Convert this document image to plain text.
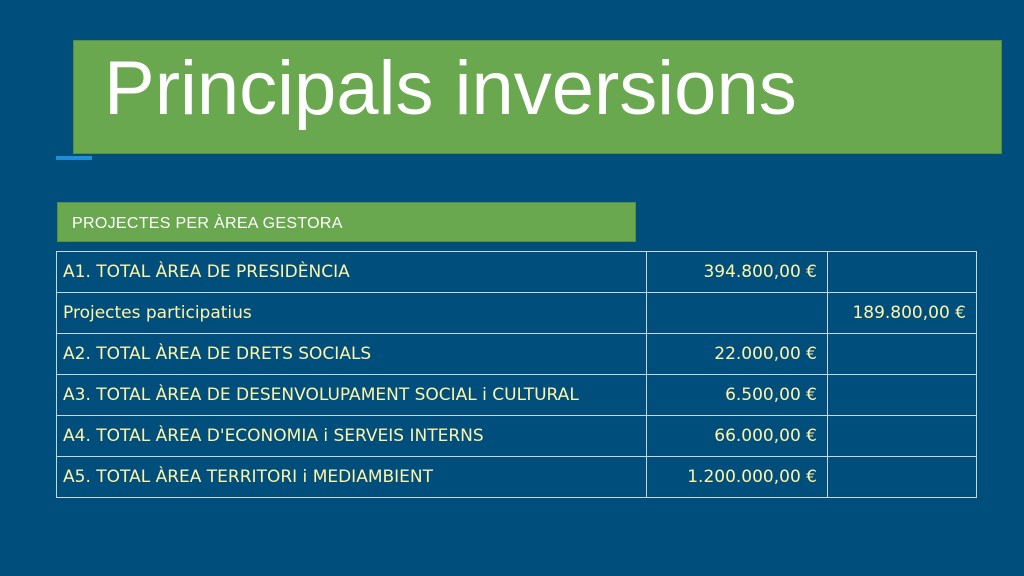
Principals inversions
PROJECTES PER ÀREA GESTORA
A1. TOTAL ÀREA DE PRESIDÈNCIA	394.800,00 €	
Projectes participatius		189.800,00 €
A2. TOTAL ÀREA DE DRETS SOCIALS	22.000,00 €	
A3. TOTAL ÀREA DE DESENVOLUPAMENT SOCIAL i CULTURAL	6.500,00 €	
A4. TOTAL ÀREA D'ECONOMIA i SERVEIS INTERNS	66.000,00 €	
A5. TOTAL ÀREA TERRITORI i MEDIAMBIENT	1.200.000,00 €	
